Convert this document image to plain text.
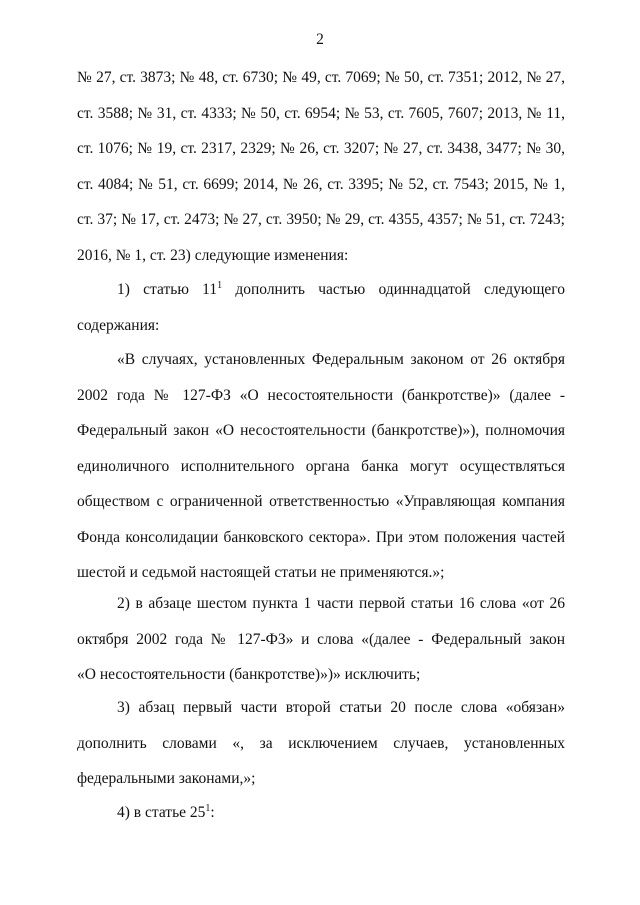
2
№ 27, ст. 3873; № 48, ст. 6730; № 49, ст. 7069; № 50, ст. 7351; 2012, № 27,
ст. 3588; № 31, ст. 4333; № 50, ст. 6954; № 53, ст. 7605, 7607; 2013, № 11,
ст. 1076; № 19, ст. 2317, 2329; № 26, ст. 3207; № 27, ст. 3438, 3477; № 30,
ст. 4084; № 51, ст. 6699; 2014, № 26, ст. 3395; № 52, ст. 7543; 2015, № 1,
ст. 37; № 17, ст. 2473; № 27, ст. 3950; № 29, ст. 4355, 4357; № 51, ст. 7243;
2016, № 1, ст. 23) следующие изменения:
1) статью $11^1$ дополнить частью одиннадцатой следующего
содержания:
«В случаях, установленных Федеральным законом от 26 октября
2002 года № 127-ФЗ «О несостоятельности (банкротстве)» (далее -
Федеральный закон «О несостоятельности (банкротстве)»), полномочия
единоличного исполнительного органа банка могут осуществляться
обществом с ограниченной ответственностью «Управляющая компания
Фонда консолидации банковского сектора». При этом положения частей
шестой и седьмой настоящей статьи не применяются.»;
2) в абзаце шестом пункта 1 части первой статьи 16 слова «от 26
октября 2002 года № 127-ФЗ» и слова «(далее - Федеральный закон
«О несостоятельности (банкротстве)»)» исключить;
3) абзац первый части второй статьи 20 после слова «обязан»
дополнить словами «, за исключением случаев, установленных
федеральными законами,»;
4) в статье $25^1$:
